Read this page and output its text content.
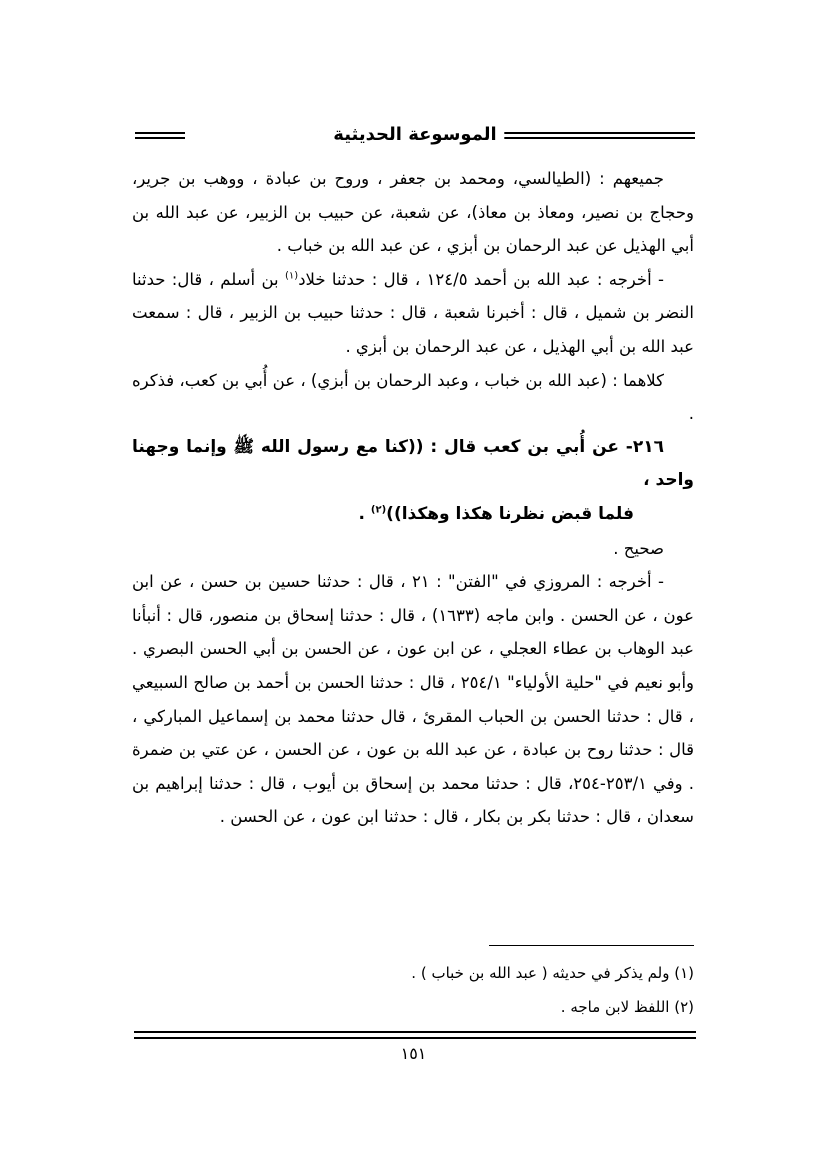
الموسوعة الحديثية

جميعهم : (الطيالسي، ومحمد بن جعفر ، وروح بن عبادة ، ووهب بن جرير، وحجاج بن نصير، ومعاذ بن معاذ)، عن شعبة، عن حبيب بن الزبير، عن عبد الله بن أبي الهذيل عن عبد الرحمان بن أبزي ، عن عبد الله بن خباب .

- أخرجه : عبد الله بن أحمد ١٢٤/٥ ، قال : حدثنا خلاد$^{(١)}$ بن أسلم ، قال: حدثنا النضر بن شميل ، قال : أخبرنا شعبة ، قال : حدثنا حبيب بن الزبير ، قال : سمعت عبد الله بن أبي الهذيل ، عن عبد الرحمان بن أبزي .

كلاهما : (عبد الله بن خباب ، وعبد الرحمان بن أبزي) ، عن أُبي بن كعب، فذكره .

٢١٦- عن أُبي بن كعب قال : ((كنا مع رسول الله ﷺ وإنما وجهنا واحد ،
فلما قبض نظرنا هكذا وهكذا))$^{(٢)}$ .

صحيح .

- أخرجه : المروزي في "الفتن" : ٢١ ، قال : حدثنا حسين بن حسن ، عن ابن عون ، عن الحسن . وابن ماجه (١٦٣٣) ، قال : حدثنا إسحاق بن منصور، قال : أنبأنا عبد الوهاب بن عطاء العجلي ، عن ابن عون ، عن الحسن بن أبي الحسن البصري . وأبو نعيم في "حلية الأولياء" ٢٥٤/١ ، قال : حدثنا الحسن بن أحمد بن صالح السبيعي ، قال : حدثنا الحسن بن الحباب المقرئ ، قال حدثنا محمد بن إسماعيل المباركي ، قال : حدثنا روح بن عبادة ، عن عبد الله بن عون ، عن الحسن ، عن عتي بن ضمرة . وفي ٢٥٣/١-٢٥٤، قال : حدثنا محمد بن إسحاق بن أيوب ، قال : حدثنا إبراهيم بن سعدان ، قال : حدثنا بكر بن بكار ، قال : حدثنا ابن عون ، عن الحسن .

(١) ولم يذكر في حديثه ( عبد الله بن خباب ) .

(٢) اللفظ لابن ماجه .

١٥١
